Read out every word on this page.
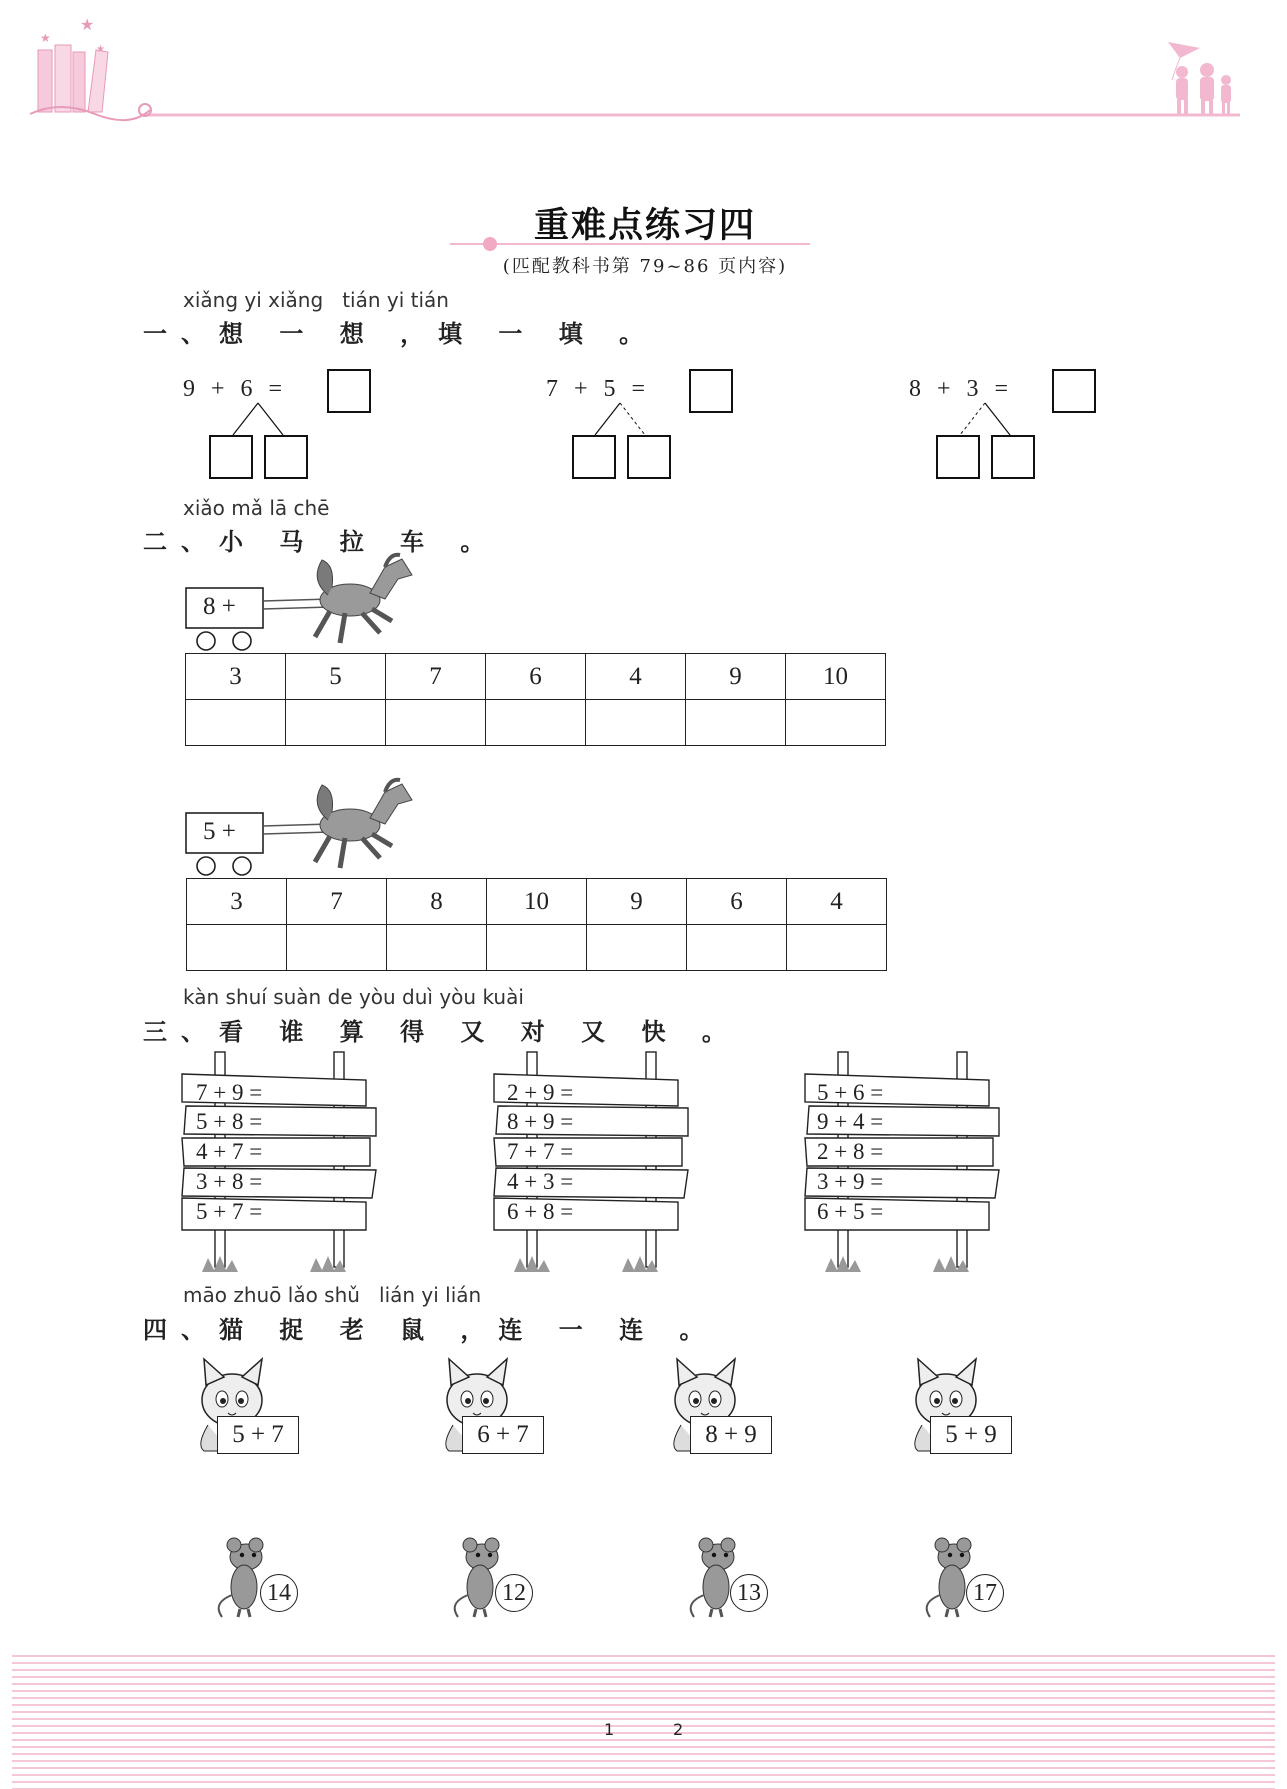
★
★
★
重难点练习四
(匹配教科书第 79~86 页内容)
xiǎng yi xiǎng   tián yi tián
一、想 一 想 ，填 一 填 。
9 + 6 =	7 + 5 =	8 + 3 =
xiǎo mǎ lā chē
二、小 马 拉 车 。
8 +
3	5	7	6	4	9	10

5 +
3	7	8	10	9	6	4

kàn shuí suàn de yòu duì yòu kuài
三、看 谁 算 得 又 对 又 快 。
7 + 9 =
5 + 8 =
4 + 7 =
3 + 8 =
5 + 7 =
2 + 9 =
8 + 9 =
7 + 7 =
4 + 3 =
6 + 8 =
5 + 6 =
9 + 4 =
2 + 8 =
3 + 9 =
6 + 5 =
māo zhuō lǎo shǔ   lián yi lián
四、猫 捉 老 鼠 ，连 一 连 。
5 + 7	6 + 7	8 + 9	5 + 9
14	12	13	17
1	2
